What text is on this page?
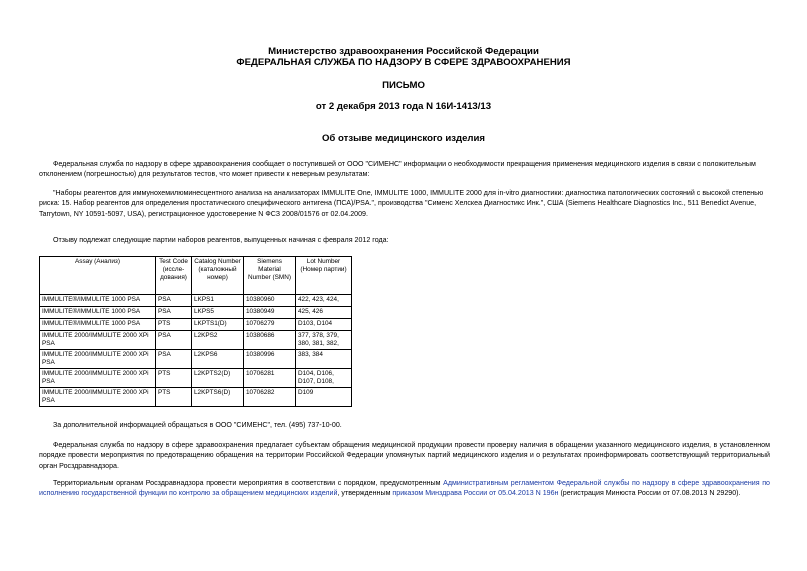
Министерство здравоохранения Российской Федерации
ФЕДЕРАЛЬНАЯ СЛУЖБА ПО НАДЗОРУ В СФЕРЕ ЗДРАВООХРАНЕНИЯ
ПИСЬМО
от 2 декабря 2013 года N 16И-1413/13
Об отзыве медицинского изделия

Федеральная служба по надзору в сфере здравоохранения сообщает о поступившей от ООО "СИМЕНС" информации о необходимости прекращения применения медицинского изделия в связи с положительным отклонением (погрешностью) для результатов тестов, что может привести к неверным результатам:

"Наборы реагентов для иммунохемилюминесцентного анализа на анализаторах IMMULITE One, IMMULITE 1000, IMMULITE 2000 для in-vitro диагностики: диагностика патологических состояний с высокой степенью риска: 15. Набор реагентов для определения простатического специфического антигена (ПСА)/PSA.", производства "Сименс Хелскеа Диагностикс Инк.", США (Siemens Healthcare Diagnostics Inc., 511 Benedict Avenue, Tarrytown, NY 10591-5097, USA), регистрационное удостоверение N ФСЗ 2008/01576 от 02.04.2009.

Отзыву подлежат следующие партии наборов реагентов, выпущенных начиная с февраля 2012 года:

Assay (Анализ)	Test Code (иссле-дования)	Catalog Number (каталожный номер)	Siemens Material Number (SMN)	Lot Number (Номер партии)
IMMULITE®/IMMULITE 1000 PSA	PSA	LKPS1	10380960	422, 423, 424,
IMMULITE®/IMMULITE 1000 PSA	PSA	LKPS5	10380949	425, 426
IMMULITE®/IMMULITE 1000 PSA	PTS	LKPTS1(D)	10706279	D103, D104
IMMULITE 2000/IMMULITE 2000 XPi PSA	PSA	L2KPS2	10380686	377, 378, 379, 380, 381, 382,
IMMULITE 2000/IMMULITE 2000 XPi PSA	PSA	L2KPS6	10380996	383, 384
IMMULITE 2000/IMMULITE 2000 XPi PSA	PTS	L2KPTS2(D)	10706281	D104, D106, D107, D108,
IMMULITE 2000/IMMULITE 2000 XPi PSA	PTS	L2KPTS6(D)	10706282	D109

За дополнительной информацией обращаться в ООО "СИМЕНС", тел. (495) 737-10-00.

Федеральная служба по надзору в сфере здравоохранения предлагает субъектам обращения медицинской продукции провести проверку наличия в обращении указанного медицинского изделия, в установленном порядке провести мероприятия по предотвращению обращения на территории Российской Федерации упомянутых партий медицинского изделия и о результатах проинформировать соответствующий территориальный орган Росздравнадзора.

Территориальным органам Росздравнадзора провести мероприятия в соответствии с порядком, предусмотренным Административным регламентом Федеральной службы по надзору в сфере здравоохранения по исполнению государственной функции по контролю за обращением медицинских изделий, утвержденным приказом Минздрава России от 05.04.2013 N 196н (регистрация Минюста России от 07.08.2013 N 29290).
